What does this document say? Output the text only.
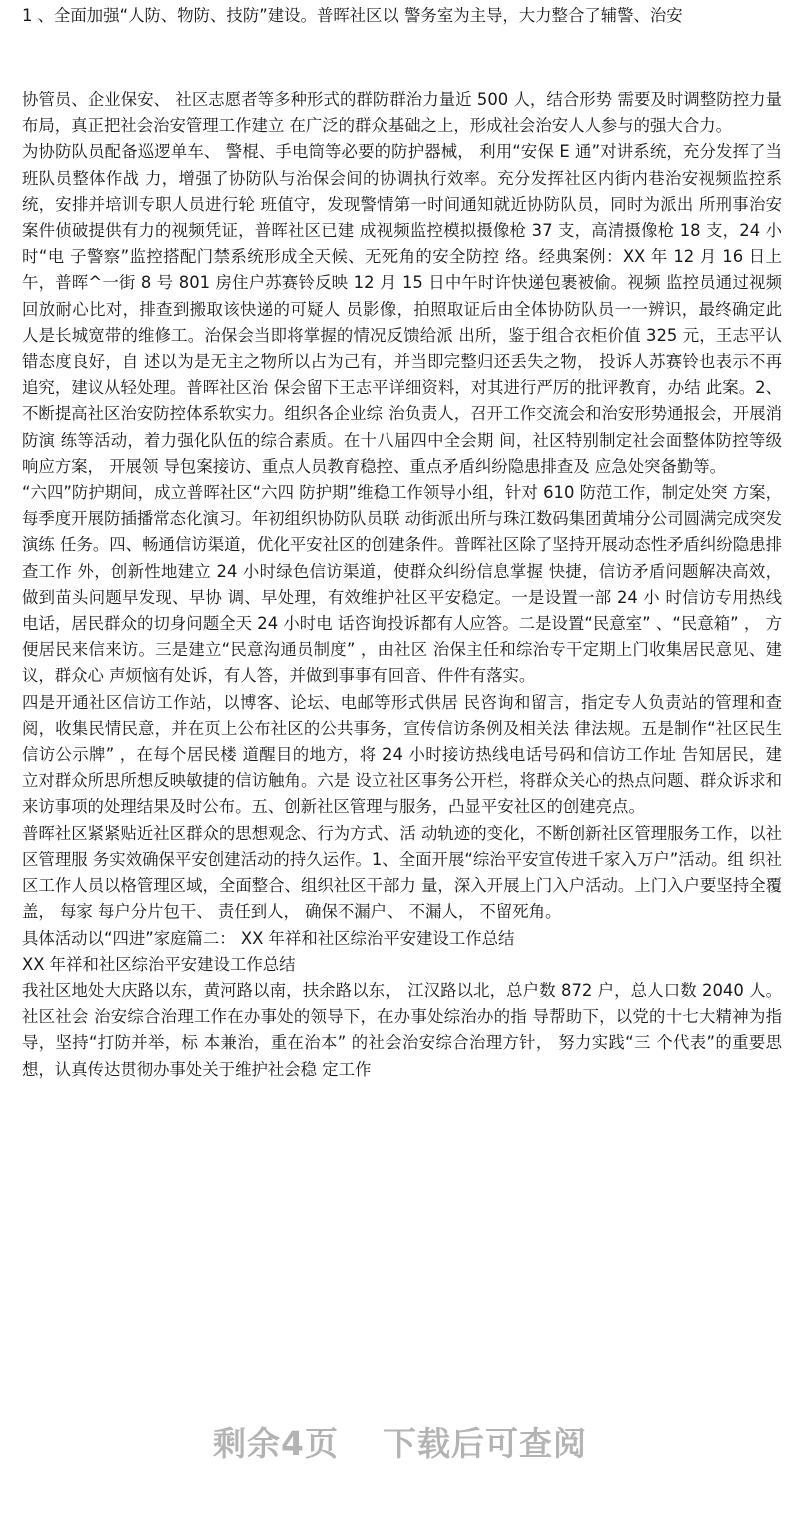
1 、全面加强“人防、物防、技防”建设。普晖社区以 警务室为主导，大力整合了辅警、治安

协管员、企业保安、 社区志愿者等多种形式的群防群治力量近 500 人，结合形势 需要及时调整防控力量布局，真正把社会治安管理工作建立 在广泛的群众基础之上，形成社会治安人人参与的强大合力。

为协防队员配备巡逻单车、 警棍、手电筒等必要的防护器械， 利用“安保 E 通”对讲系统，充分发挥了当班队员整体作战 力，增强了协防队与治保会间的协调执行效率。充分发挥社区内街内巷治安视频监控系统，安排并培训专职人员进行轮 班值守，发现警情第一时间通知就近协防队员，同时为派出 所刑事治安案件侦破提供有力的视频凭证，普晖社区已建 成视频监控模拟摄像枪 37 支，高清摄像枪 18 支，24 小时“电 子警察”监控搭配门禁系统形成全天候、无死角的安全防控 络。经典案例：XX 年 12 月 16 日上午，普晖^一街 8 号 801 房住户苏赛铃反映 12 月 15 日中午时许快递包裹被偷。视频 监控员通过视频回放耐心比对，排查到搬取该快递的可疑人 员影像，拍照取证后由全体协防队员一一辨识，最终确定此 人是长城宽带的维修工。治保会当即将掌握的情况反馈给派 出所，鉴于组合衣柜价值 325 元，王志平认错态度良好，自 述以为是无主之物所以占为己有，并当即完整归还丢失之物， 投诉人苏赛铃也表示不再追究，建议从轻处理。普晖社区治 保会留下王志平详细资料，对其进行严厉的批评教育，办结 此案。2、不断提高社区治安防控体系软实力。组织各企业综 治负责人，召开工作交流会和治安形势通报会，开展消防演 练等活动，着力强化队伍的综合素质。在十八届四中全会期 间，社区特别制定社会面整体防控等级响应方案， 开展领 导包案接访、重点人员教育稳控、重点矛盾纠纷隐患排查及 应急处突备勤等。

“六四”防护期间，成立普晖社区“六四 防护期”维稳工作领导小组，针对 610 防范工作，制定处突 方案，每季度开展防插播常态化演习。年初组织协防队员联 动街派出所与珠江数码集团黄埔分公司圆满完成突发演练 任务。四、畅通信访渠道，优化平安社区的创建条件。普晖社区除了坚持开展动态性矛盾纠纷隐患排查工作 外，创新性地建立 24 小时绿色信访渠道，使群众纠纷信息掌握 快捷，信访矛盾问题解决高效，做到苗头问题早发现、早协 调、早处理，有效维护社区平安稳定。一是设置一部 24 小 时信访专用热线电话，居民群众的切身问题全天 24 小时电 话咨询投诉都有人应答。二是设置“民意室” 、“民意箱” ， 方便居民来信来访。三是建立“民意沟通员制度” ，由社区 治保主任和综治专干定期上门收集居民意见、建议，群众心 声烦恼有处诉，有人答，并做到事事有回音、件件有落实。

四是开通社区信访工作站，以博客、论坛、电邮等形式供居 民咨询和留言，指定专人负责站的管理和查阅，收集民情民意，并在页上公布社区的公共事务，宣传信访条例及相关法 律法规。五是制作“社区民生信访公示牌” ，在每个居民楼 道醒目的地方，将 24 小时接访热线电话号码和信访工作址 告知居民，建立对群众所思所想反映敏捷的信访触角。六是 设立社区事务公开栏，将群众关心的热点问题、群众诉求和 来访事项的处理结果及时公布。五、创新社区管理与服务，凸显平安社区的创建亮点。

普晖社区紧紧贴近社区群众的思想观念、行为方式、活 动轨迹的变化，不断创新社区管理服务工作，以社区管理服 务实效确保平安创建活动的持久运作。1、全面开展“综治平安宣传进千家入万户”活动。组 织社区工作人员以格管理区域，全面整合、组织社区干部力 量，深入开展上门入户活动。上门入户要坚持全覆盖， 每家 每户分片包干、 责任到人， 确保不漏户、 不漏人， 不留死角。

具体活动以“四进”家庭篇二： XX 年祥和社区综治平安建设工作总结

XX 年祥和社区综治平安建设工作总结

我社区地处大庆路以东，黄河路以南，扶余路以东， 江汉路以北，总户数 872 户，总人口数 2040 人。社区社会 治安综合治理工作在办事处的领导下，在办事处综治办的指 导帮助下，以党的十七大精神为指导，坚持“打防并举，标 本兼治，重在治本” 的社会治安综合治理方针， 努力实践“三 个代表”的重要思想，认真传达贯彻办事处关于维护社会稳 定工作

剩余4页 下载后可查阅
